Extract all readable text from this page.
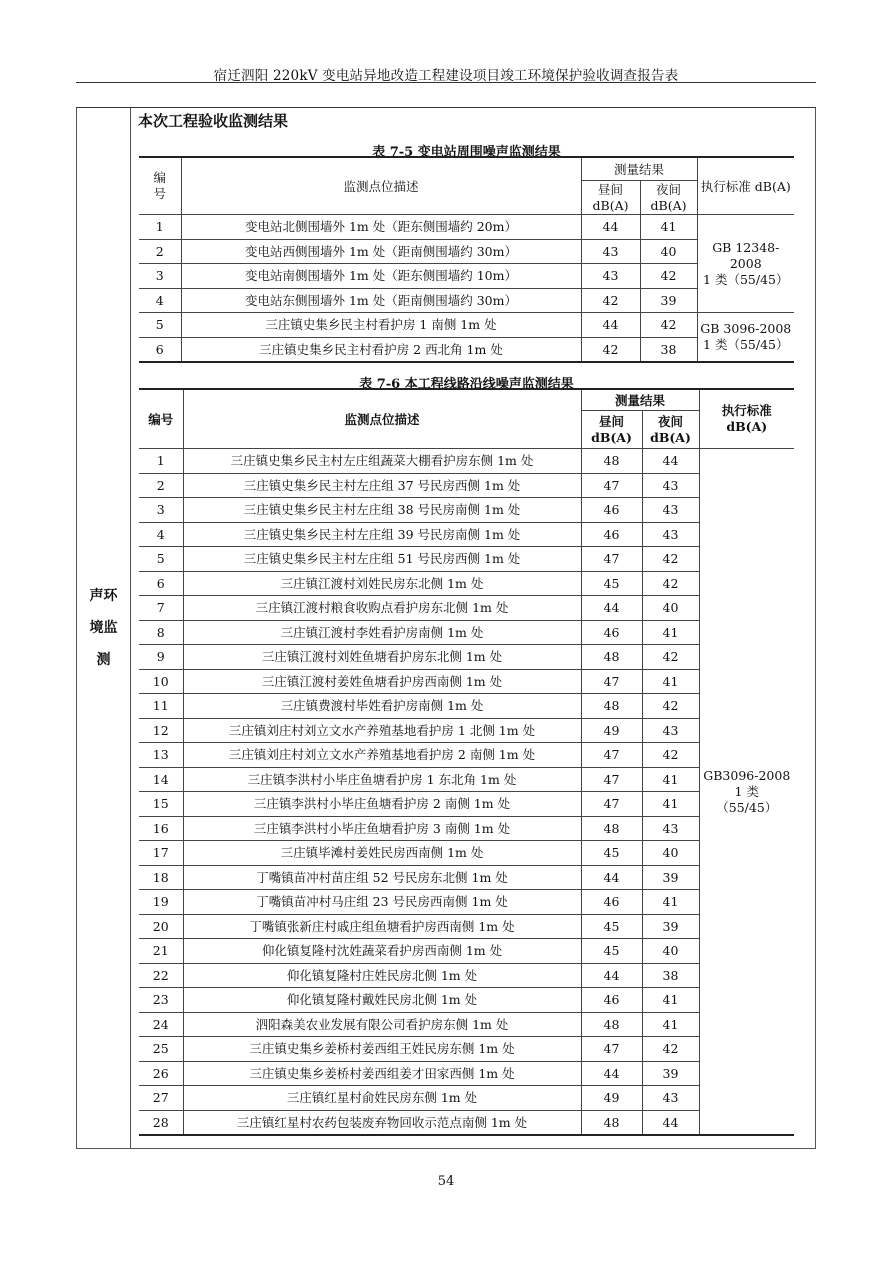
宿迁泗阳 220kV 变电站异地改造工程建设项目竣工环境保护验收调查报告表
声环
境监
测
本次工程验收监测结果
表 7-5 变电站周围噪声监测结果
编
号	监测点位描述	测量结果		执行标准 dB(A)
		昼间
dB(A)	夜间
dB(A)	
1	变电站北侧围墙外 1m 处（距东侧围墙约 20m）	44	41	GB 12348-2008
1 类（55/45）
2	变电站西侧围墙外 1m 处（距南侧围墙约 30m）	43	40	
3	变电站南侧围墙外 1m 处（距东侧围墙约 10m）	43	42	
4	变电站东侧围墙外 1m 处（距南侧围墙约 30m）	42	39	
5	三庄镇史集乡民主村看护房 1 南侧 1m 处	44	42	GB 3096-2008
1 类（55/45）
6	三庄镇史集乡民主村看护房 2 西北角 1m 处	42	38	
表 7-6 本工程线路沿线噪声监测结果
编号	监测点位描述	测量结果		执行标准
dB(A)
		昼间
dB(A)	夜间
dB(A)	
1	三庄镇史集乡民主村左庄组蔬菜大棚看护房东侧 1m 处	48	44	GB3096-2008
1 类
（55/45）
2	三庄镇史集乡民主村左庄组 37 号民房西侧 1m 处	47	43	
3	三庄镇史集乡民主村左庄组 38 号民房南侧 1m 处	46	43	
4	三庄镇史集乡民主村左庄组 39 号民房南侧 1m 处	46	43	
5	三庄镇史集乡民主村左庄组 51 号民房西侧 1m 处	47	42	
6	三庄镇江渡村刘姓民房东北侧 1m 处	45	42	
7	三庄镇江渡村粮食收购点看护房东北侧 1m 处	44	40	
8	三庄镇江渡村李姓看护房南侧 1m 处	46	41	
9	三庄镇江渡村刘姓鱼塘看护房东北侧 1m 处	48	42	
10	三庄镇江渡村姜姓鱼塘看护房西南侧 1m 处	47	41	
11	三庄镇费渡村毕姓看护房南侧 1m 处	48	42	
12	三庄镇刘庄村刘立文水产养殖基地看护房 1 北侧 1m 处	49	43	
13	三庄镇刘庄村刘立文水产养殖基地看护房 2 南侧 1m 处	47	42	
14	三庄镇李洪村小毕庄鱼塘看护房 1 东北角 1m 处	47	41	
15	三庄镇李洪村小毕庄鱼塘看护房 2 南侧 1m 处	47	41	
16	三庄镇李洪村小毕庄鱼塘看护房 3 南侧 1m 处	48	43	
17	三庄镇毕滩村姜姓民房西南侧 1m 处	45	40	
18	丁嘴镇苗冲村苗庄组 52 号民房东北侧 1m 处	44	39	
19	丁嘴镇苗冲村马庄组 23 号民房西南侧 1m 处	46	41	
20	丁嘴镇张新庄村戚庄组鱼塘看护房西南侧 1m 处	45	39	
21	仰化镇复隆村沈姓蔬菜看护房西南侧 1m 处	45	40	
22	仰化镇复隆村庄姓民房北侧 1m 处	44	38	
23	仰化镇复隆村戴姓民房北侧 1m 处	46	41	
24	泗阳森美农业发展有限公司看护房东侧 1m 处	48	41	
25	三庄镇史集乡姜桥村姜西组王姓民房东侧 1m 处	47	42	
26	三庄镇史集乡姜桥村姜西组姜才田家西侧 1m 处	44	39	
27	三庄镇红星村俞姓民房东侧 1m 处	49	43	
28	三庄镇红星村农药包装废弃物回收示范点南侧 1m 处	48	44	
54
